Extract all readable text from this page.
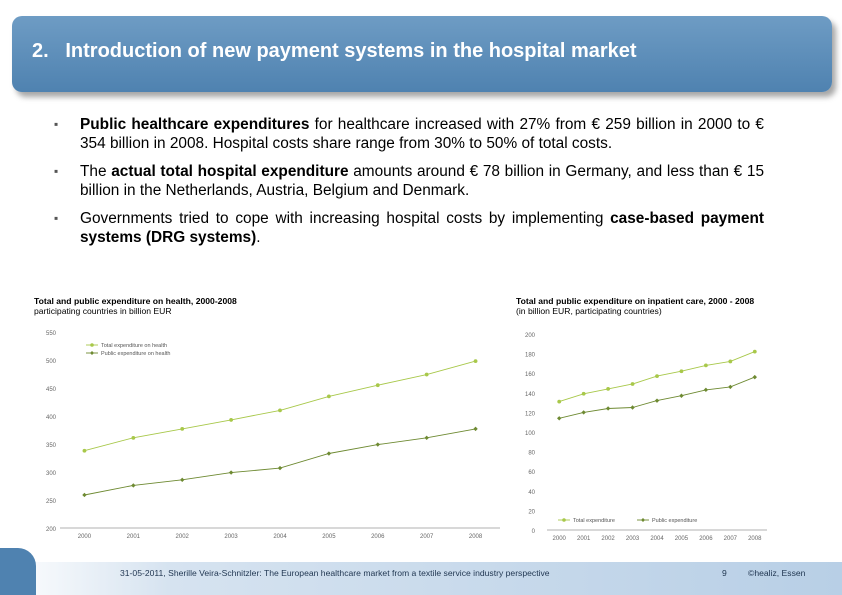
2. Introduction of new payment systems in the hospital market
▪ Public healthcare expenditures for healthcare increased with 27% from € 259 billion in 2000 to € 354 billion in 2008. Hospital costs share range from 30% to 50% of total costs.
▪ The actual total hospital expenditure amounts around € 78 billion in Germany, and less than € 15 billion in the Netherlands, Austria, Belgium and Denmark.
▪ Governments tried to cope with increasing hospital costs by implementing case-based payment systems (DRG systems).
Total and public expenditure on health, 2000-2008
participating countries in billion EUR
Total and public expenditure on inpatient care, 2000 - 2008
(in billion EUR, participating countries)
200
250
300
350
400
450
500
550
2000	2001	2002	2003	2004	2005	2006	2007	2008
Total expenditure on health
Public expenditure on health
0
20
40
60
80
100
120
140
160
180
200
2000 2001 2002 2003 2004 2005 2006 2007 2008
Total expenditure	Public expenditure
31-05-2011, Sherille Veira-Schnitzler: The European healthcare market from a textile service industry perspective	9 ©healiz, Essen
